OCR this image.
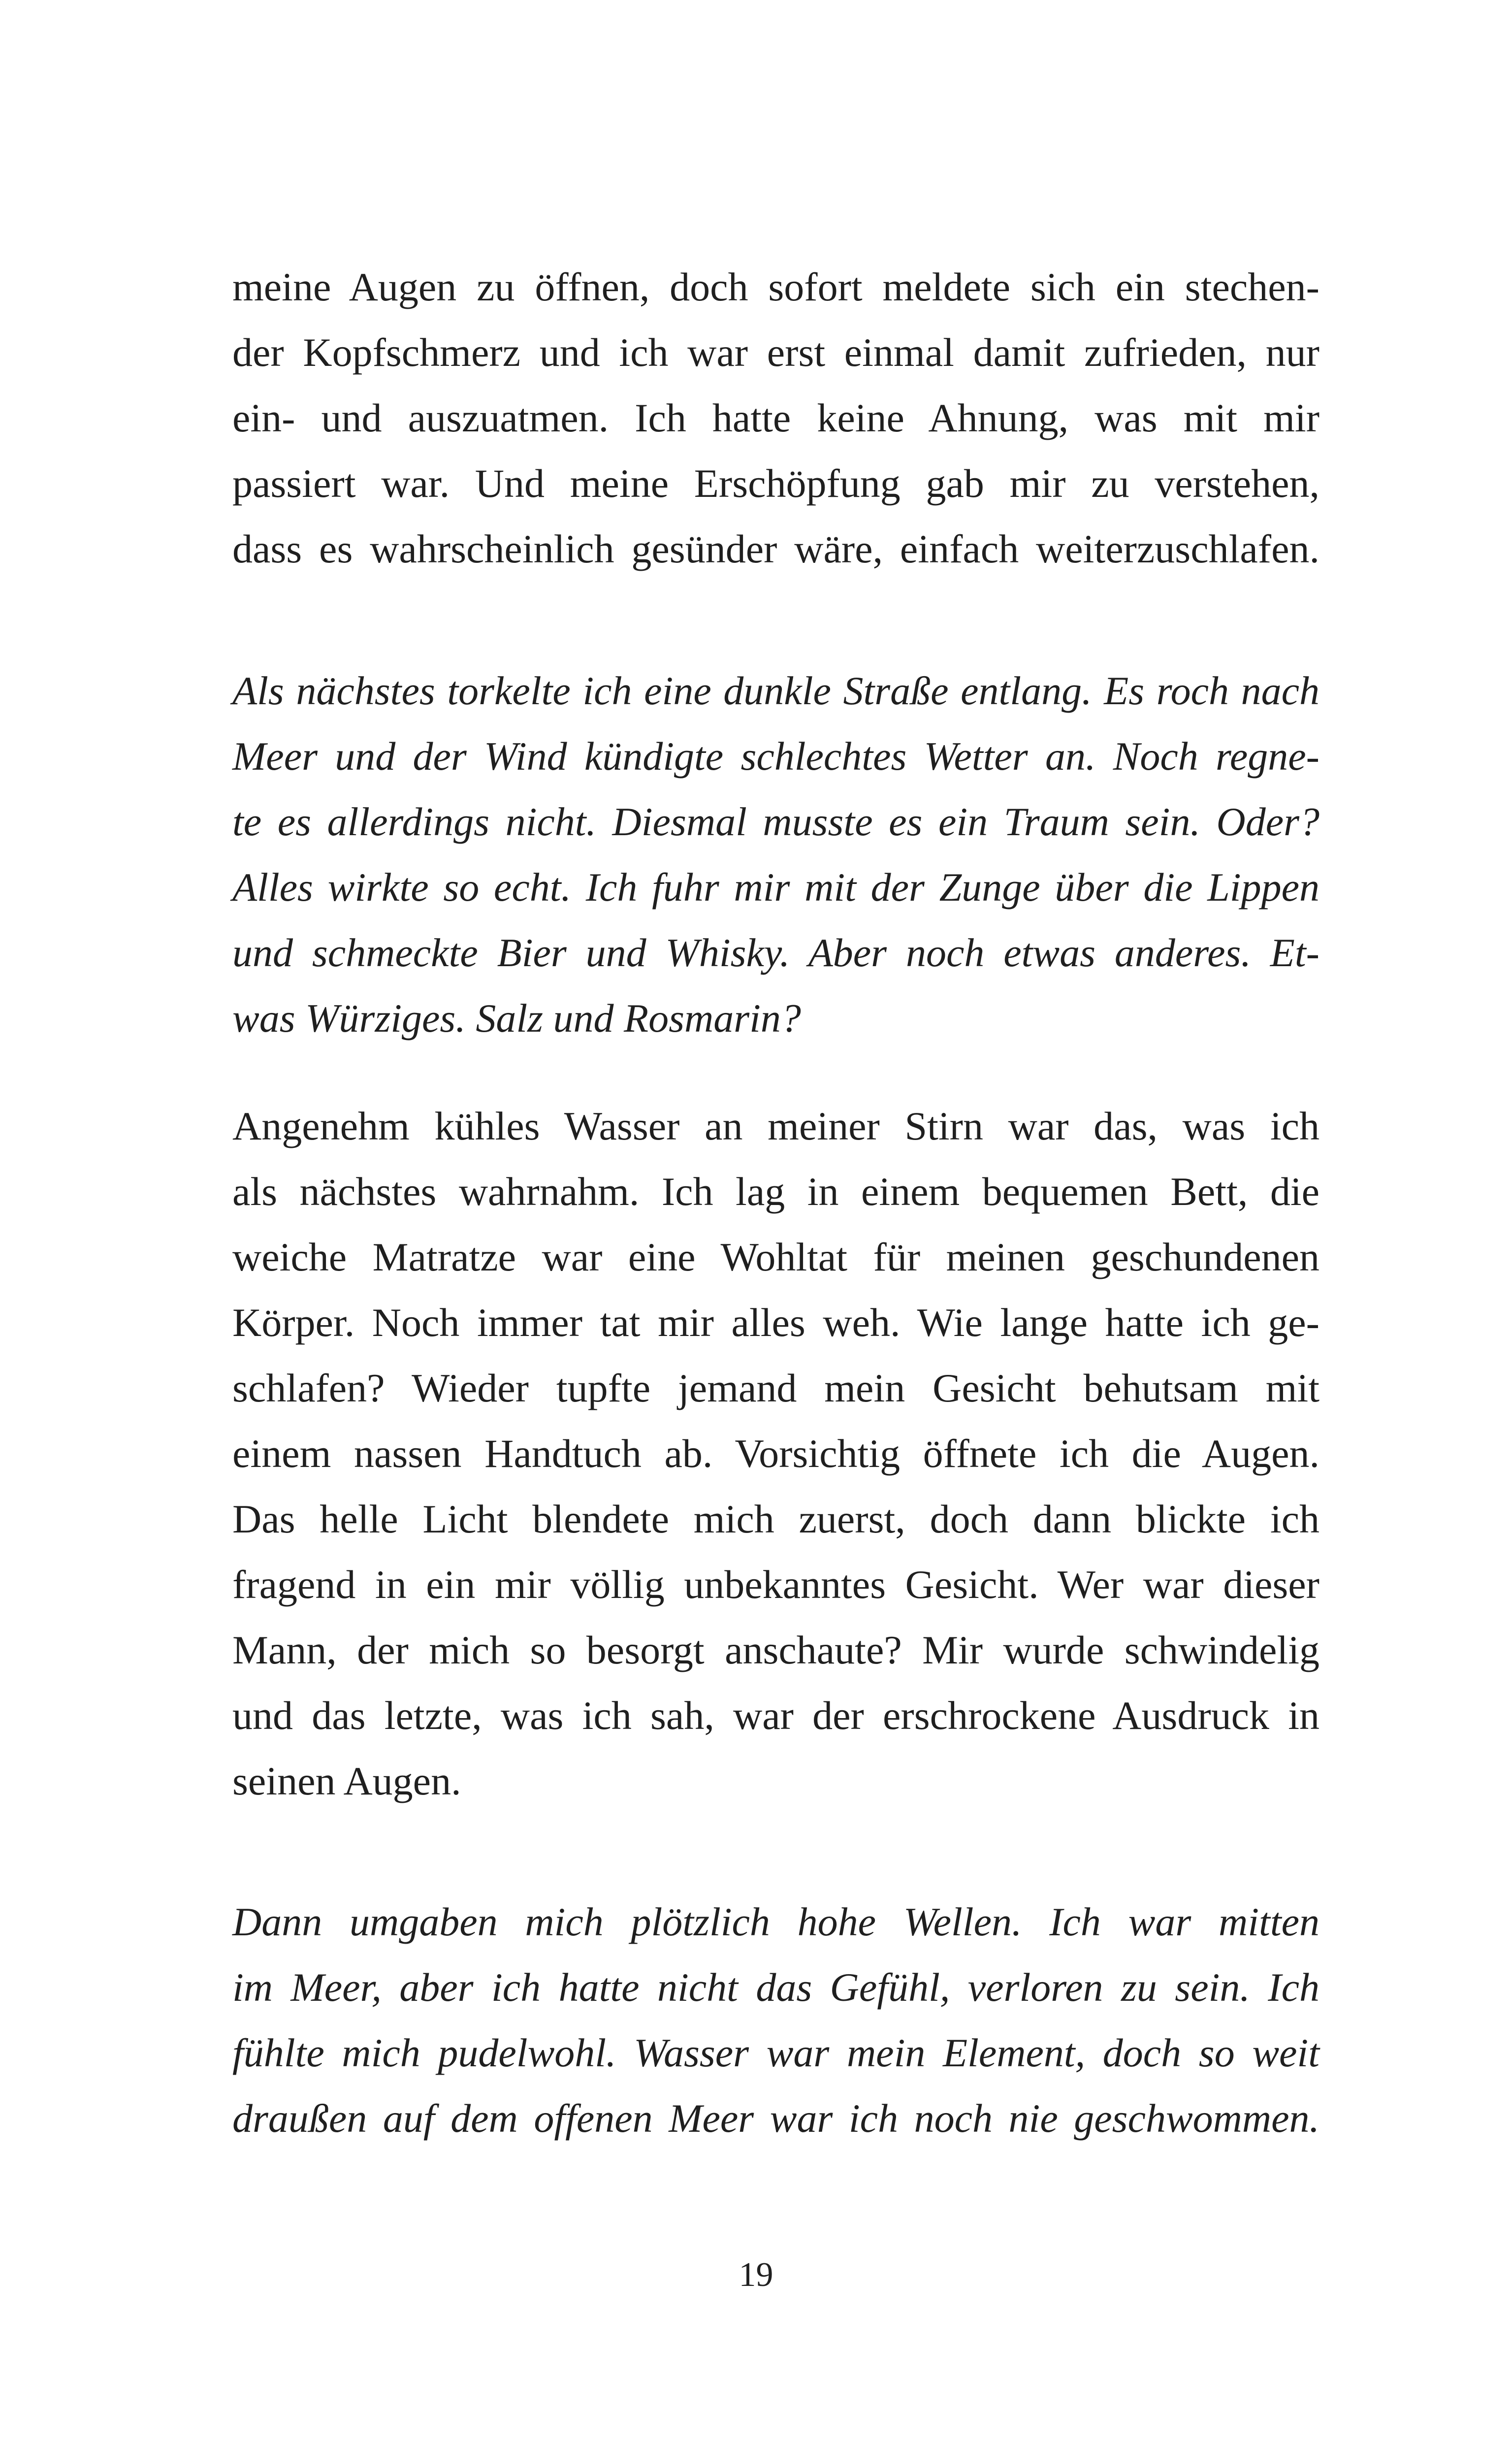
meine Augen zu öffnen, doch sofort meldete sich ein stechen-
der Kopfschmerz und ich war erst einmal damit zufrieden, nur
ein- und auszuatmen. Ich hatte keine Ahnung, was mit mir
passiert war. Und meine Erschöpfung gab mir zu verstehen,
dass es wahrscheinlich gesünder wäre, einfach weiterzuschlafen.
Als nächstes torkelte ich eine dunkle Straße entlang. Es roch nach
Meer und der Wind kündigte schlechtes Wetter an. Noch regne-
te es allerdings nicht. Diesmal musste es ein Traum sein. Oder?
Alles wirkte so echt. Ich fuhr mir mit der Zunge über die Lippen
und schmeckte Bier und Whisky. Aber noch etwas anderes. Et-
was Würziges. Salz und Rosmarin?
Angenehm kühles Wasser an meiner Stirn war das, was ich
als nächstes wahrnahm. Ich lag in einem bequemen Bett, die
weiche Matratze war eine Wohltat für meinen geschundenen
Körper. Noch immer tat mir alles weh. Wie lange hatte ich ge-
schlafen? Wieder tupfte jemand mein Gesicht behutsam mit
einem nassen Handtuch ab. Vorsichtig öffnete ich die Augen.
Das helle Licht blendete mich zuerst, doch dann blickte ich
fragend in ein mir völlig unbekanntes Gesicht. Wer war dieser
Mann, der mich so besorgt anschaute? Mir wurde schwindelig
und das letzte, was ich sah, war der erschrockene Ausdruck in
seinen Augen.
Dann umgaben mich plötzlich hohe Wellen. Ich war mitten
im Meer, aber ich hatte nicht das Gefühl, verloren zu sein. Ich
fühlte mich pudelwohl. Wasser war mein Element, doch so weit
draußen auf dem offenen Meer war ich noch nie geschwommen.
19
